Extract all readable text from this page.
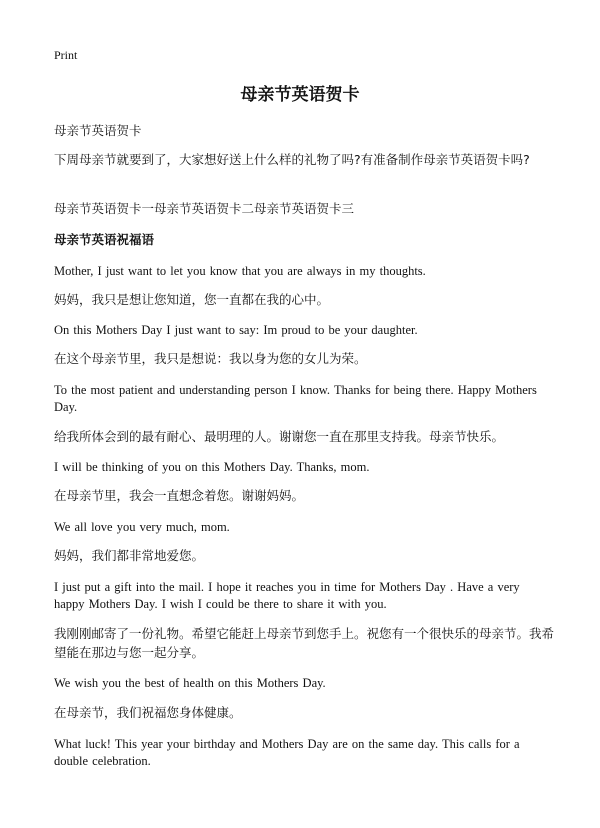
Print
母亲节英语贺卡

母亲节英语贺卡

下周母亲节就要到了，大家想好送上什么样的礼物了吗?有准备制作母亲节英语贺卡吗?

母亲节英语贺卡一母亲节英语贺卡二母亲节英语贺卡三

母亲节英语祝福语

Mother, I just want to let you know that you are always in my thoughts.

妈妈，我只是想让您知道，您一直都在我的心中。

On this Mothers Day I just want to say: Im proud to be your daughter.

在这个母亲节里，我只是想说：我以身为您的女儿为荣。

To the most patient and understanding person I know. Thanks for being there. Happy Mothers Day.

给我所体会到的最有耐心、最明理的人。谢谢您一直在那里支持我。母亲节快乐。

I will be thinking of you on this Mothers Day. Thanks, mom.

在母亲节里，我会一直想念着您。谢谢妈妈。

We all love you very much, mom.

妈妈，我们都非常地爱您。

I just put a gift into the mail. I hope it reaches you in time for Mothers Day . Have a very happy Mothers Day. I wish I could be there to share it with you.

我刚刚邮寄了一份礼物。希望它能赶上母亲节到您手上。祝您有一个很快乐的母亲节。我希望能在那边与您一起分享。

We wish you the best of health on this Mothers Day.

在母亲节，我们祝福您身体健康。

What luck! This year your birthday and Mothers Day are on the same day. This calls for a double celebration.
